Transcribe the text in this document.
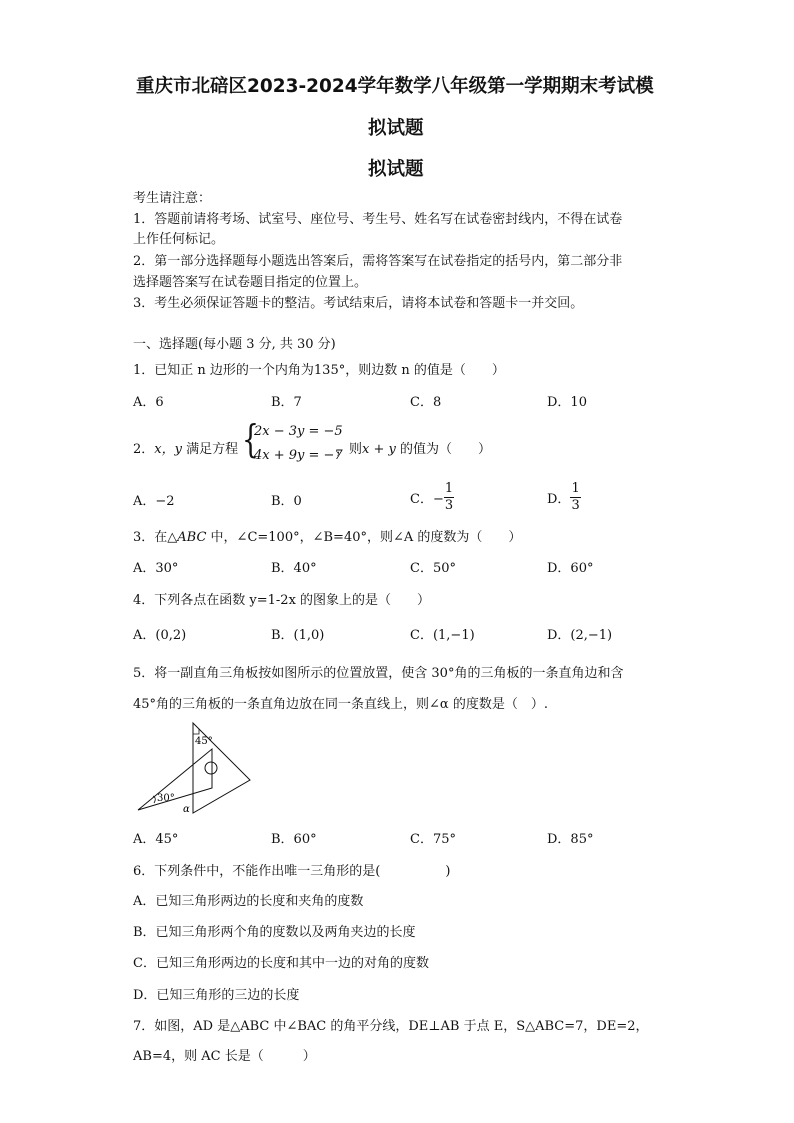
重庆市北碚区2023-2024学年数学八年级第一学期期末考试模
拟试题
拟试题
考生请注意：
1．答题前请将考场、试室号、座位号、考生号、姓名写在试卷密封线内，不得在试卷
上作任何标记。
2．第一部分选择题每小题选出答案后，需将答案写在试卷指定的括号内，第二部分非
选择题答案写在试卷题目指定的位置上。
3．考生必须保证答题卡的整洁。考试结束后，请将本试卷和答题卡一并交回。
一、选择题(每小题 3 分, 共 30 分)
1．已知正 n 边形的一个内角为135°，则边数 n 的值是（　　）
A．6	B．7	C．8	D．10
2．x，y 满足方程 {
2x − 3y = −5
4x + 9y = −7
，则x + y 的值为（　　）
A．−2	B．0	C．− $\frac{1}{3}$	D． $\frac{1}{3}$
3．在△ABC 中，∠C=100°，∠B=40°，则∠A 的度数为（　　）
A．30°	B．40°	C．50°	D．60°
4．下列各点在函数 y=1-2x 的图象上的是（　　）
A．(0,2)	B．(1,0)	C．(1,−1)	D．(2,−1)
5．将一副直角三角板按如图所示的位置放置，使含 30°角的三角板的一条直角边和含
45°角的三角板的一条直角边放在同一条直线上，则∠α 的度数是（　）.
45°
30°
α
A．45°	B．60°	C．75°	D．85°
6．下列条件中，不能作出唯一三角形的是(　　　　　)
A．已知三角形两边的长度和夹角的度数
B．已知三角形两个角的度数以及两角夹边的长度
C．已知三角形两边的长度和其中一边的对角的度数
D．已知三角形的三边的长度
7．如图，AD 是△ABC 中∠BAC 的角平分线，DE⊥AB 于点 E，S△ABC=7，DE=2，
AB=4，则 AC 长是（　　　）
